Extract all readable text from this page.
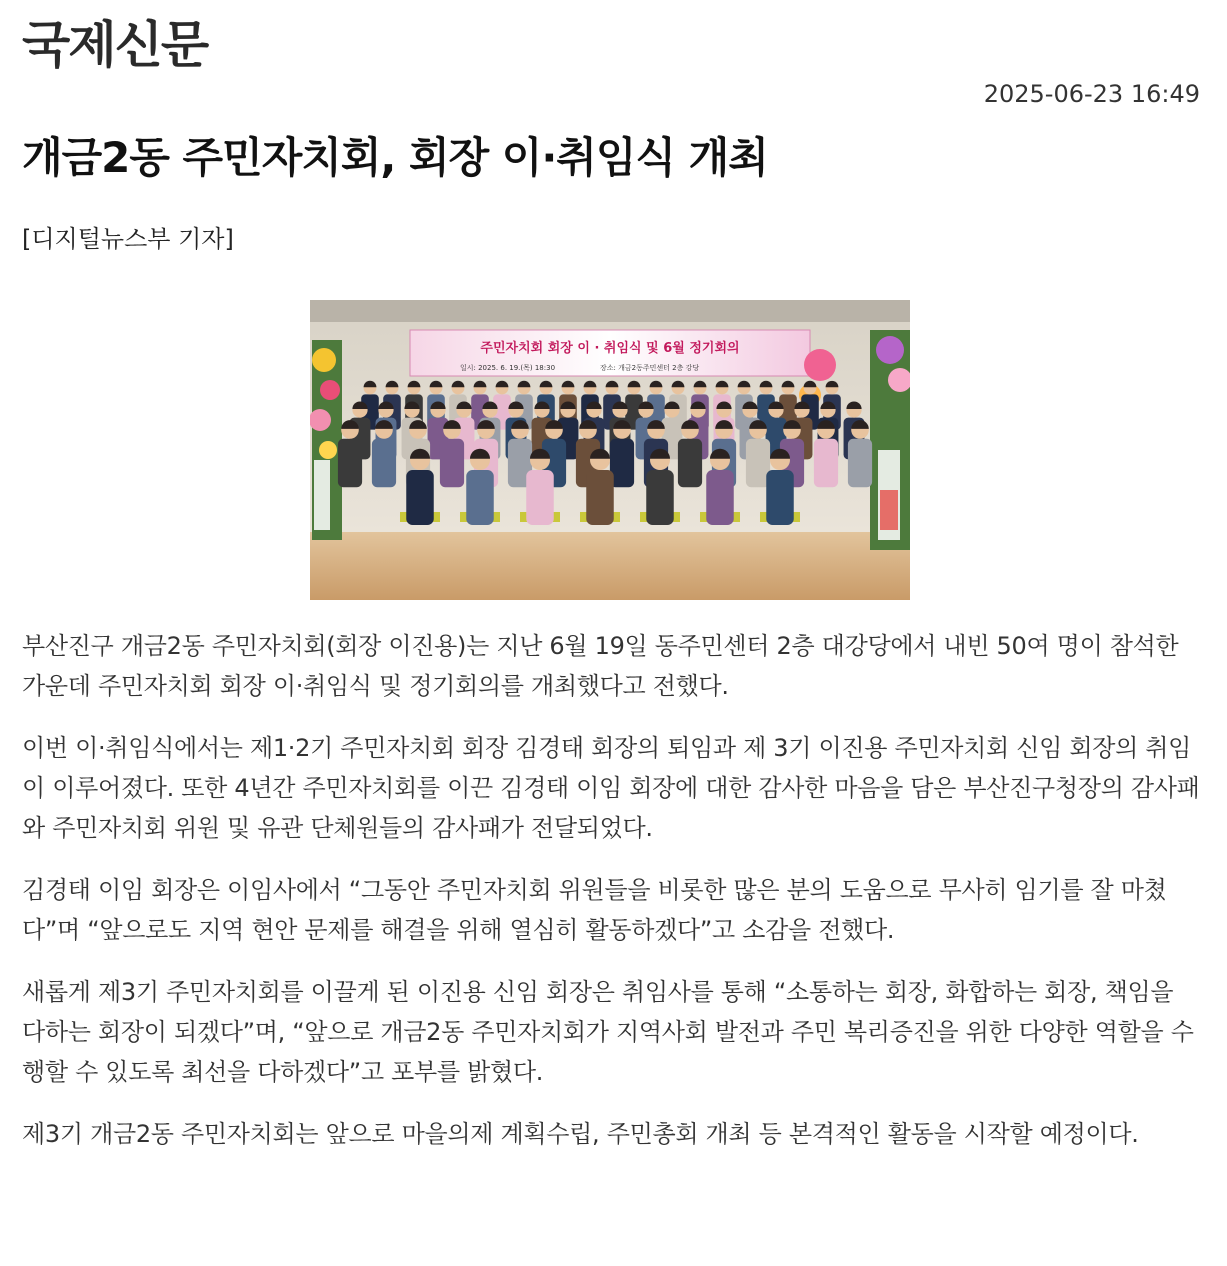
국제신문
2025-06-23 16:49
개금2동 주민자치회, 회장 이·취임식 개최
[디지털뉴스부 기자]
주민자치회 회장 이 · 취임식 및 6월 정기회의
일시: 2025. 6. 19.(목) 18:30	장소: 개금2동주민센터 2층 강당

부산진구 개금2동 주민자치회(회장 이진용)는 지난 6월 19일 동주민센터 2층 대강당에서 내빈 50여 명이 참석한 가운데 주민자치회 회장 이·취임식 및 정기회의를 개최했다고 전했다.

이번 이·취임식에서는 제1·2기 주민자치회 회장 김경태 회장의 퇴임과 제 3기 이진용 주민자치회 신임 회장의 취임이 이루어졌다. 또한 4년간 주민자치회를 이끈 김경태 이임 회장에 대한 감사한 마음을 담은 부산진구청장의 감사패와 주민자치회 위원 및 유관 단체원들의 감사패가 전달되었다.

김경태 이임 회장은 이임사에서 “그동안 주민자치회 위원들을 비롯한 많은 분의 도움으로 무사히 임기를 잘 마쳤다”며 “앞으로도 지역 현안 문제를 해결을 위해 열심히 활동하겠다”고 소감을 전했다.

새롭게 제3기 주민자치회를 이끌게 된 이진용 신임 회장은 취임사를 통해 “소통하는 회장, 화합하는 회장, 책임을 다하는 회장이 되겠다”며, “앞으로 개금2동 주민자치회가 지역사회 발전과 주민 복리증진을 위한 다양한 역할을 수행할 수 있도록 최선을 다하겠다”고 포부를 밝혔다.

제3기 개금2동 주민자치회는 앞으로 마을의제 계획수립, 주민총회 개최 등 본격적인 활동을 시작할 예정이다.
